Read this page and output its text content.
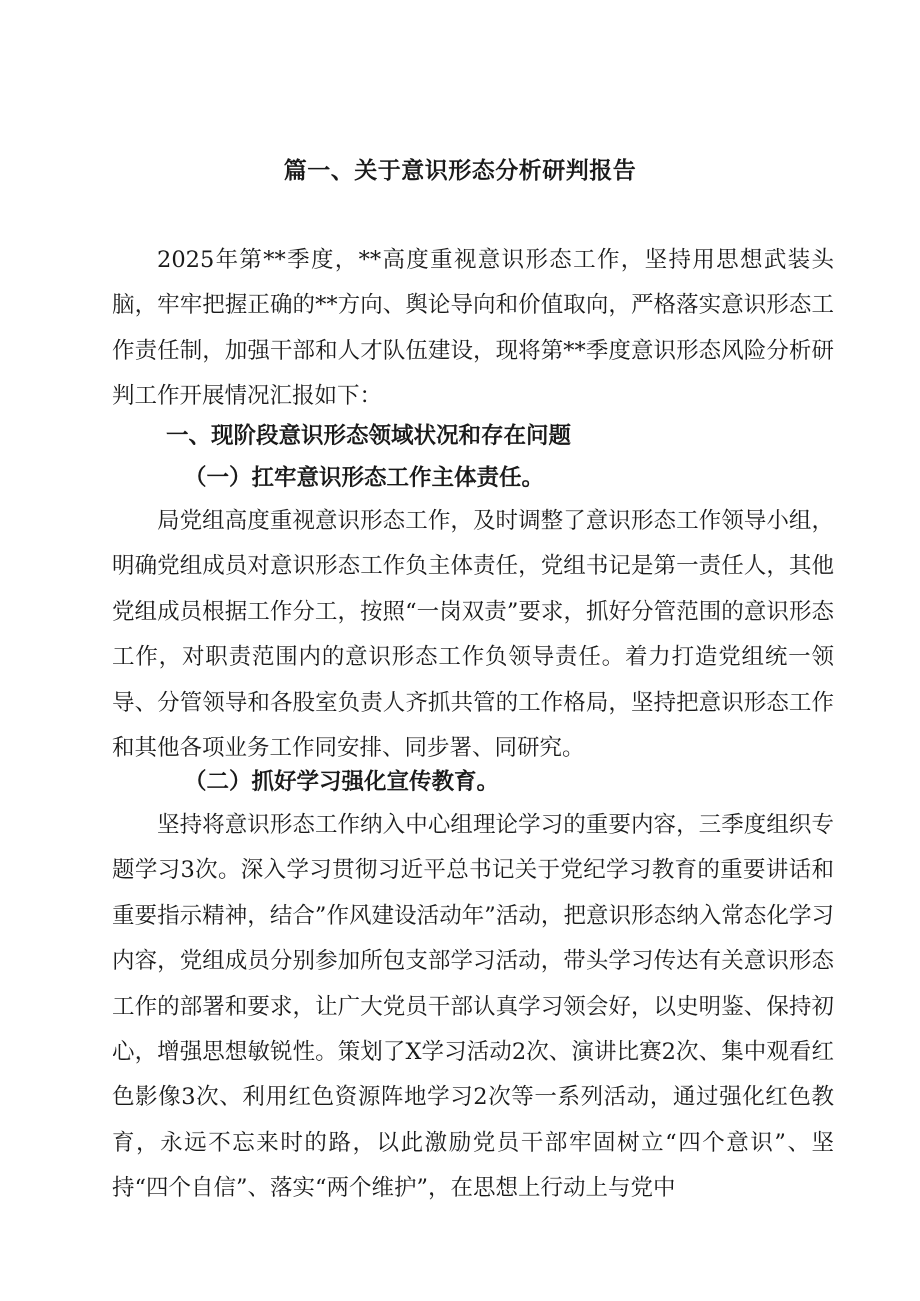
篇一、关于意识形态分析研判报告

2025年第**季度，**高度重视意识形态工作，坚持用思想武装头脑，牢牢把握正确的**方向、舆论导向和价值取向，严格落实意识形态工作责任制，加强干部和人才队伍建设，现将第**季度意识形态风险分析研判工作开展情况汇报如下：

一、现阶段意识形态领域状况和存在问题
（一）扛牢意识形态工作主体责任。

局党组高度重视意识形态工作，及时调整了意识形态工作领导小组，明确党组成员对意识形态工作负主体责任，党组书记是第一责任人，其他党组成员根据工作分工，按照“一岗双责”要求，抓好分管范围的意识形态工作，对职责范围内的意识形态工作负领导责任。着力打造党组统一领导、分管领导和各股室负责人齐抓共管的工作格局，坚持把意识形态工作和其他各项业务工作同安排、同步署、同研究。

（二）抓好学习强化宣传教育。

坚持将意识形态工作纳入中心组理论学习的重要内容，三季度组织专题学习3次。深入学习贯彻习近平总书记关于党纪学习教育的重要讲话和重要指示精神，结合”作风建设活动年”活动，把意识形态纳入常态化学习内容，党组成员分别参加所包支部学习活动，带头学习传达有关意识形态工作的部署和要求，让广大党员干部认真学习领会好，以史明鉴、保持初心，增强思想敏锐性。策划了X学习活动2次、演讲比赛2次、集中观看红色影像3次、利用红色资源阵地学习2次等一系列活动，通过强化红色教育，永远不忘来时的路，以此激励党员干部牢固树立“四个意识”、坚持“四个自信”、落实“两个维护”，在思想上行动上与党中
